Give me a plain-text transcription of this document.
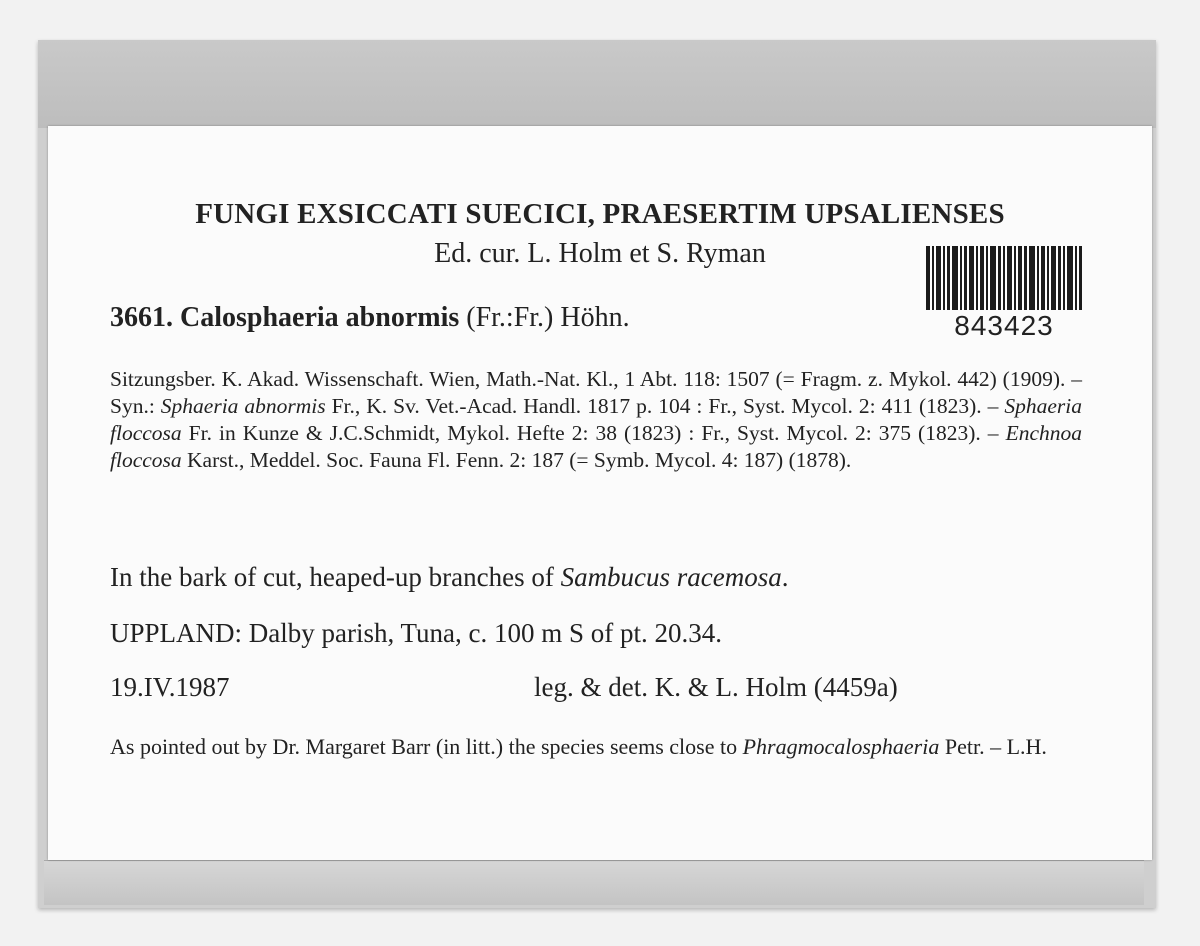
FUNGI EXSICCATI SUECICI, PRAESERTIM UPSALIENSES
Ed. cur. L. Holm et S. Ryman
3661. Calosphaeria abnormis (Fr.:Fr.) Höhn.	843423
Sitzungsber. K. Akad. Wissenschaft. Wien, Math.-Nat. Kl., 1 Abt. 118: 1507 (= Fragm. z. Mykol. 442) (1909). – Syn.: Sphaeria abnormis Fr., K. Sv. Vet.-Acad. Handl. 1817 p. 104 : Fr., Syst. Mycol. 2: 411 (1823). – Sphaeria floccosa Fr. in Kunze & J.C.Schmidt, Mykol. Hefte 2: 38 (1823) : Fr., Syst. Mycol. 2: 375 (1823). – Enchnoa floccosa Karst., Meddel. Soc. Fauna Fl. Fenn. 2: 187 (= Symb. Mycol. 4: 187) (1878).
In the bark of cut, heaped-up branches of Sambucus racemosa.
UPPLAND: Dalby parish, Tuna, c. 100 m S of pt. 20.34.
19.IV.1987	leg. & det. K. & L. Holm (4459a)
As pointed out by Dr. Margaret Barr (in litt.) the species seems close to Phragmocalosphaeria Petr. – L.H.
